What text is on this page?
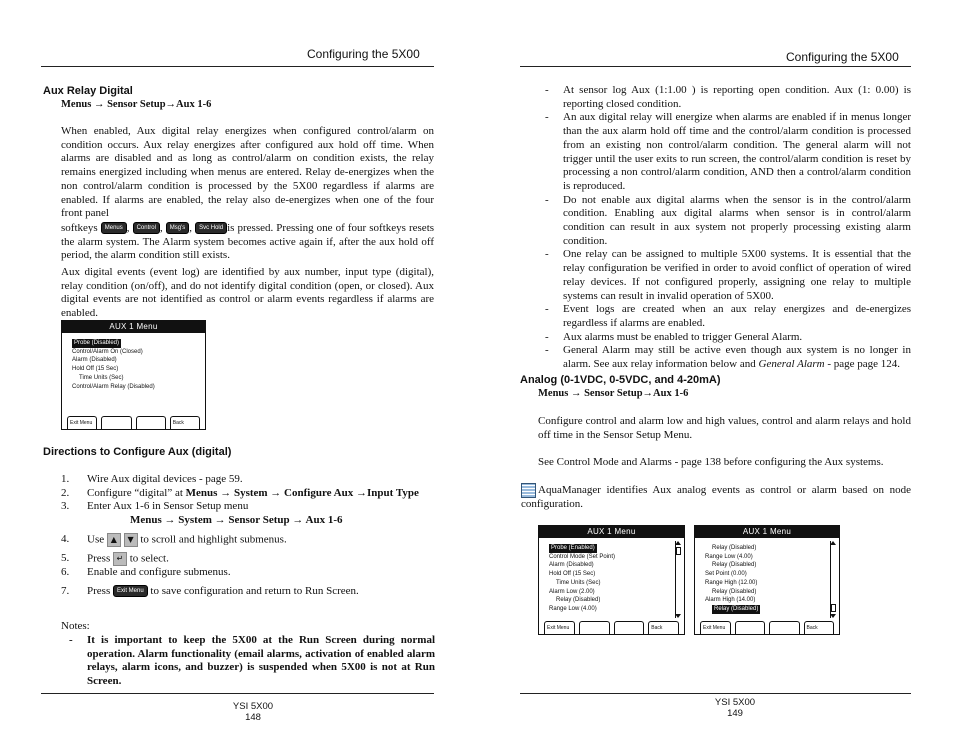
Configuring the 5X00
Aux Relay Digital
Menus → Sensor Setup→Aux 1-6
When enabled, Aux digital relay energizes when configured control/alarm on condition occurs. Aux relay energizes after configured aux hold off time. When alarms are disabled and as long as control/alarm on condition exists, the relay remains energized including when menus are entered. Relay de-energizes when the non control/alarm condition is processed by the 5X00 regardless if alarms are enabled. If alarms are enabled, the relay also de-energizes when one of the four front panel
softkeys Menus , Control , Msg's , Svc Hold is pressed. Pressing one of four softkeys resets the alarm system. The Alarm system becomes active again if, after the aux hold off period, the alarm condition still exists.
Aux digital events (event log) are identified by aux number, input type (digital), relay condition (on/off), and do not identify digital condition (open, or closed). Aux digital events are not identified as control or alarm events regardless if alarms are enabled.
AUX 1 Menu
Probe (Disabled)
Control/Alarm On (Closed)
Alarm (Disabled)
Hold Off (15 Sec)
Time Units (Sec)
Control/Alarm Relay (Disabled)
Exit Menu	Back
Directions to Configure Aux (digital)
1. Wire Aux digital devices - page 59.
2. Configure “digital” at Menus → System → Configure Aux →Input Type
3. Enter Aux 1-6 in Sensor Setup menu
Menus → System → Sensor Setup → Aux 1-6
4. Use ▲ ▼ to scroll and highlight submenus.
5. Press ↵ to select.
6. Enable and configure submenus.
7. Press Exit Menu to save configuration and return to Run Screen.
Notes:
- It is important to keep the 5X00 at the Run Screen during normal operation. Alarm functionality (email alarms, activation of enabled alarm relays, alarm icons, and buzzer) is suspended when 5X00 is not at Run Screen.
YSI 5X00
148
Configuring the 5X00
- At sensor log Aux (1:1.00 ) is reporting open condition. Aux (1: 0.00) is reporting closed condition.
- An aux digital relay will energize when alarms are enabled if in menus longer than the aux alarm hold off time and the control/alarm condition is processed from an existing non control/alarm condition. The general alarm will not trigger until the user exits to run screen, the control/alarm condition is reset by processing a non control/alarm condition, AND then a control/alarm condition is reproduced.
- Do not enable aux digital alarms when the sensor is in the control/alarm condition. Enabling aux digital alarms when sensor is in control/alarm condition can result in aux system not properly processing existing alarm condition.
- One relay can be assigned to multiple 5X00 systems. It is essential that the relay configuration be verified in order to avoid conflict of operation of wired relay devices. If not configured properly, assigning one relay to multiple systems can result in invalid operation of 5X00.
- Event logs are created when an aux relay energizes and de-energizes regardless if alarms are enabled.
- Aux alarms must be enabled to trigger General Alarm.
- General Alarm may still be active even though aux system is no longer in alarm. See aux relay information below and General Alarm - page page 124.
Analog (0-1VDC, 0-5VDC, and 4-20mA)
Menus → Sensor Setup→Aux 1-6
Configure control and alarm low and high values, control and alarm relays and hold off time in the Sensor Setup Menu.
See Control Mode and Alarms - page 138 before configuring the Aux systems.
AquaManager identifies Aux analog events as control or alarm based on node configuration.
AUX 1 Menu
Probe (Enabled)
Control Mode (Set Point)
Alarm (Disabled)
Hold Off (15 Sec)
Time Units (Sec)
Alarm Low (2.00)
Relay (Disabled)
Range Low (4.00)
Exit Menu	Back
AUX 1 Menu
Relay (Disabled)
Range Low (4.00)
Relay (Disabled)
Set Point (0.00)
Range High (12.00)
Relay (Disabled)
Alarm High (14.00)
Relay (Disabled)
Exit Menu	Back
YSI 5X00
149
